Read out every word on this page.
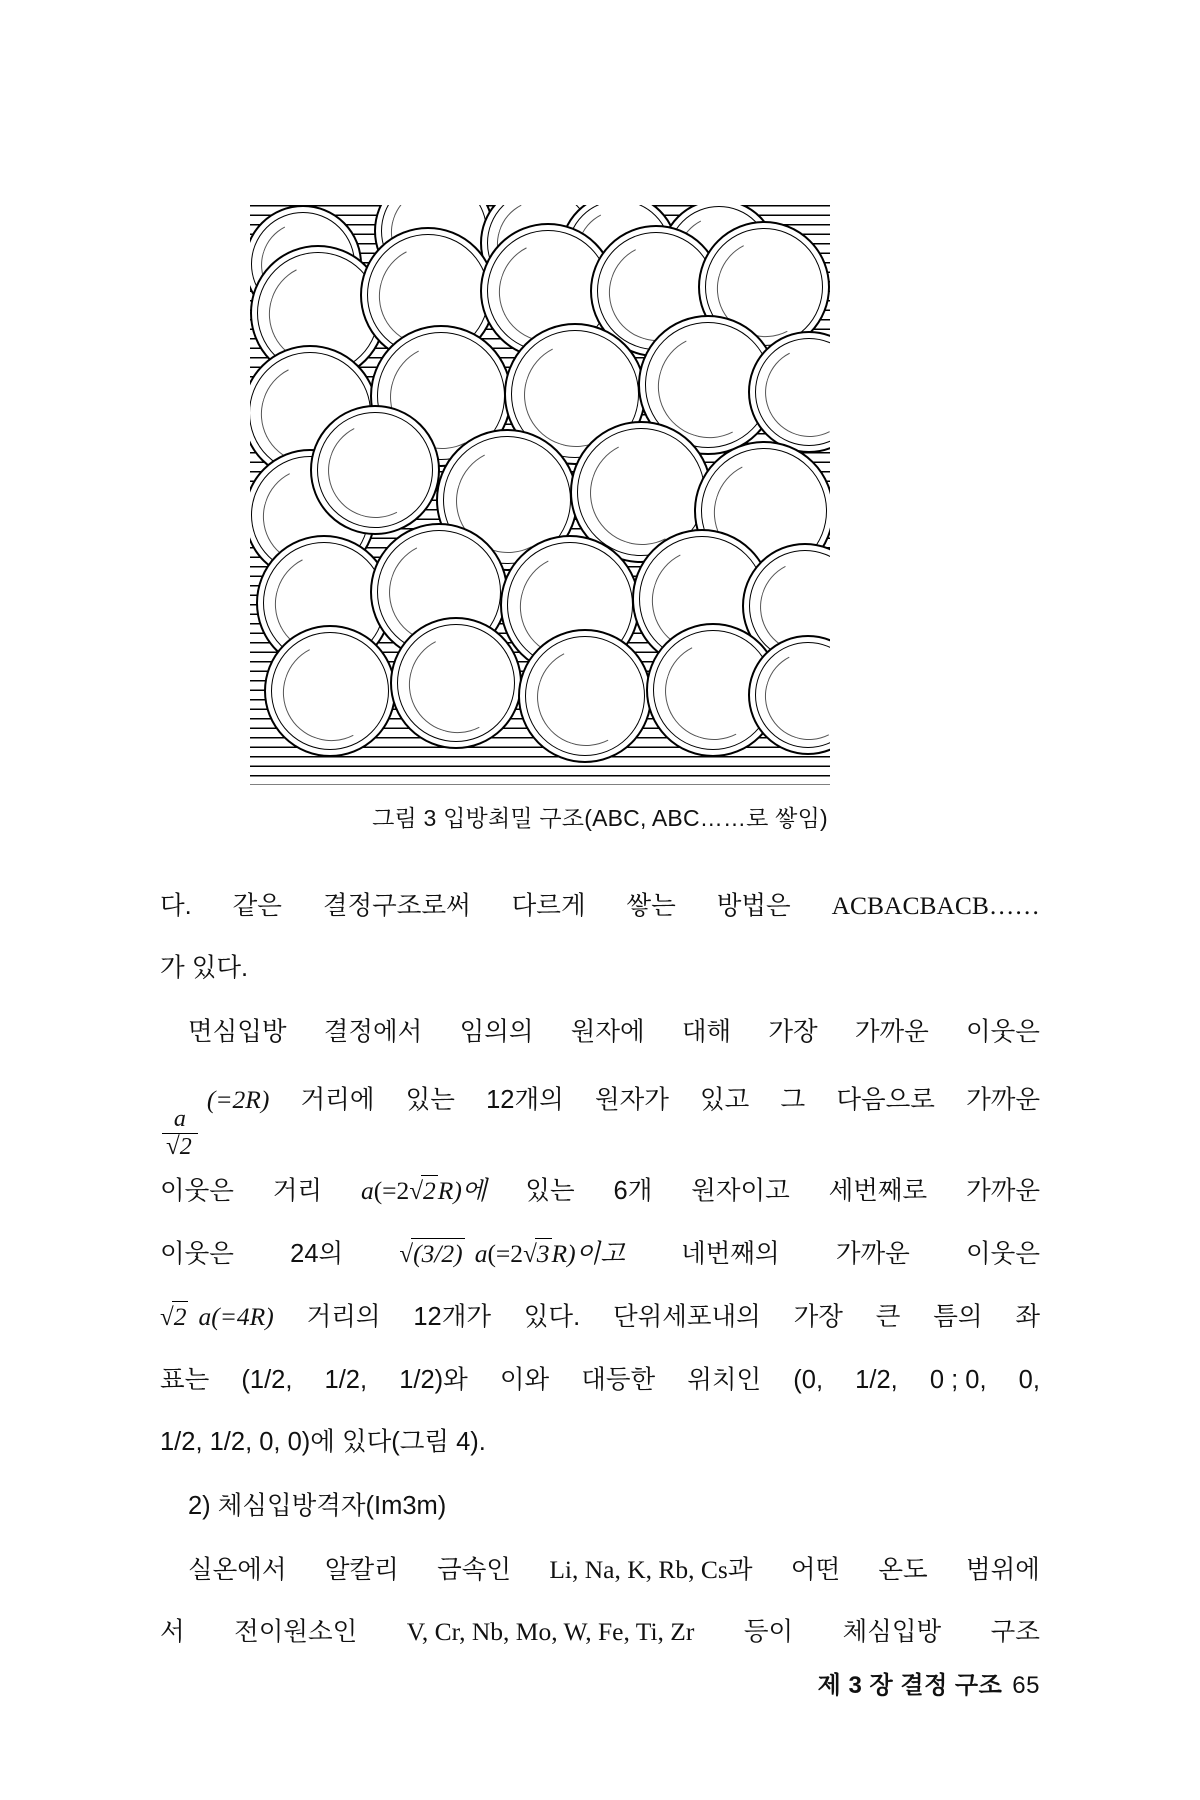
그림 3 입방최밀 구조(ABC, ABC……로 쌓임)
다. 같은 결정구조로써 다르게 쌓는 방법은 ACBACBACB……
가 있다.
면심입방 결정에서 임의의 원자에 대해 가장 가까운 이웃은
$\frac{a}{√2}$
(=2R) 거리에 있는 12개의 원자가 있고 그 다음으로 가까운
이웃은 거리 a(=2√2R)에 있는 6개 원자이고 세번째로 가까운
이웃은 24의 √(3/2) a(=2√3R)이고 네번째의 가까운 이웃은
√2 a(=4R) 거리의 12개가 있다. 단위세포내의 가장 큰 틈의 좌
표는 (1/2, 1/2, 1/2)와 이와 대등한 위치인 (0, 1/2, 0 ; 0, 0,
1/2, 1/2, 0, 0)에 있다(그림 4).
2) 체심입방격자(Im3m)
실온에서 알칼리 금속인 Li, Na, K, Rb, Cs과 어떤 온도 범위에
서 전이원소인 V, Cr, Nb, Mo, W, Fe, Ti, Zr 등이 체심입방 구조
제 3 장 결정 구조 65
